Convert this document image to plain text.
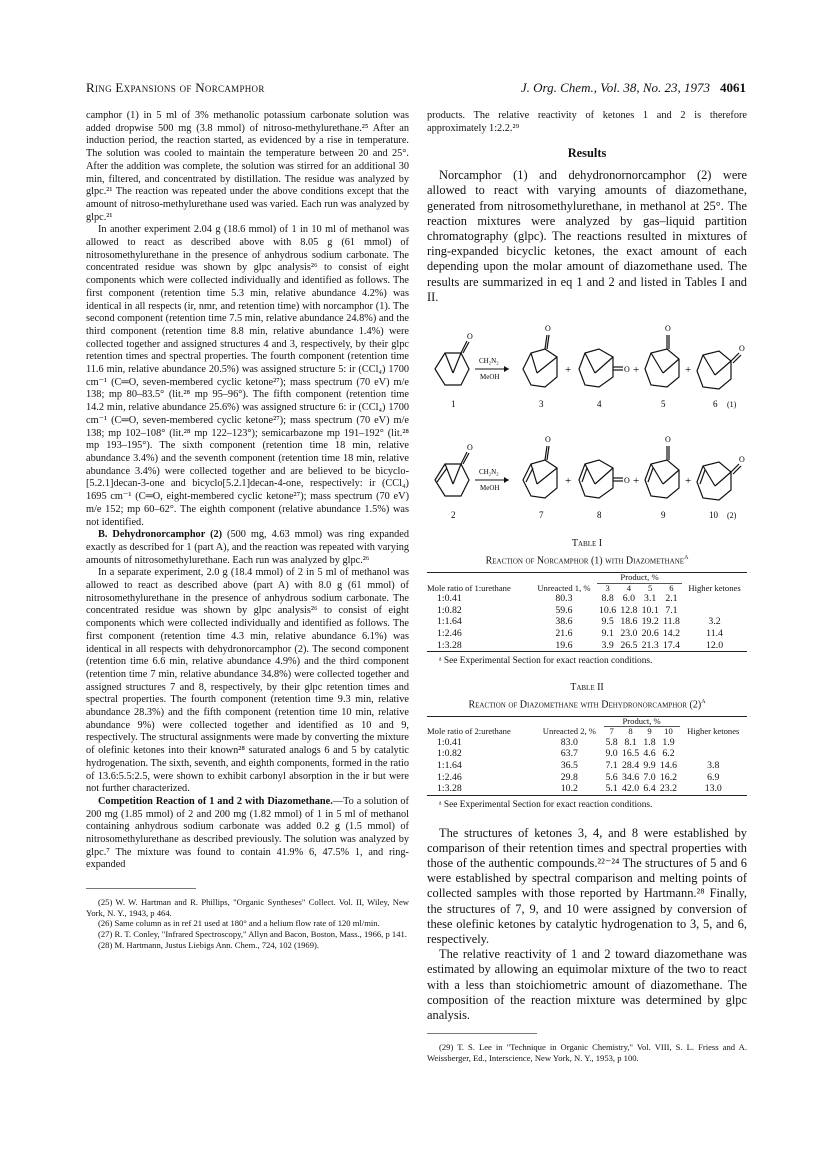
Ring Expansions of Norcamphor	J. Org. Chem., Vol. 38, No. 23, 1973 4061

camphor (1) in 5 ml of 3% methanolic potassium carbonate solution was added dropwise 500 mg (3.8 mmol) of nitroso-methylurethane.²⁵ After an induction period, the reaction started, as evidenced by a rise in temperature. The solution was cooled to maintain the temperature between 20 and 25°. After the addition was complete, the solution was stirred for an additional 30 min, filtered, and concentrated by distillation. The residue was analyzed by glpc.²¹ The reaction was repeated under the above conditions except that the amount of nitroso-methylurethane used was varied. Each run was analyzed by glpc.²¹

In another experiment 2.04 g (18.6 mmol) of 1 in 10 ml of methanol was allowed to react as described above with 8.05 g (61 mmol) of nitrosomethylurethane in the presence of anhydrous sodium carbonate. The concentrated residue was shown by glpc analysis²⁶ to consist of eight components which were collected individually and identified as follows. The first component (retention time 5.3 min, relative abundance 4.2%) was identical in all respects (ir, nmr, and retention time) with norcamphor (1). The second component (retention time 7.5 min, relative abundance 24.8%) and the third component (retention time 8.8 min, relative abundance 1.4%) were collected together and assigned structures 4 and 3, respectively, by their glpc retention times and spectral properties. The fourth component (retention time 11.6 min, relative abundance 20.5%) was assigned structure 5: ir (CCl₄) 1700 cm⁻¹ (C═O, seven-membered cyclic ketone²⁷); mass spectrum (70 eV) m/e 138; mp 80–83.5° (lit.²⁸ mp 95–96°). The fifth component (retention time 14.2 min, relative abundance 25.6%) was assigned structure 6: ir (CCl₄) 1700 cm⁻¹ (C═O, seven-membered cyclic ketone²⁷); mass spectrum (70 eV) m/e 138; mp 102–108° (lit.²⁸ mp 122–123°); semicarbazone mp 191–192° (lit.²⁸ mp 193–195°). The sixth component (retention time 18 min, relative abundance 3.4%) and the seventh component (retention time 18 min, relative abundance 3.4%) were collected together and are believed to be bicyclo-[5.2.1]decan-3-one and bicyclo[5.2.1]decan-4-one, respectively: ir (CCl₄) 1695 cm⁻¹ (C═O, eight-membered cyclic ketone²⁷); mass spectrum (70 eV) m/e 152; mp 60–62°. The eighth component (relative abundance 1.5%) was not identified.

B. Dehydronorcamphor (2) (500 mg, 4.63 mmol) was ring expanded exactly as described for 1 (part A), and the reaction was repeated with varying amounts of nitrosomethylurethane. Each run was analyzed by glpc.²⁶

In a separate experiment, 2.0 g (18.4 mmol) of 2 in 5 ml of methanol was allowed to react as described above (part A) with 8.0 g (61 mmol) of nitrosomethylurethane in the presence of anhydrous sodium carbonate. The concentrated residue was shown by glpc analysis²⁶ to consist of eight components which were collected individually and identified as follows. The first component (retention time 4.3 min, relative abundance 6.1%) was identical in all respects with dehydronorcamphor (2). The second component (retention time 6.6 min, relative abundance 4.9%) and the third component (retention time 7 min, relative abundance 34.8%) were collected together and assigned structures 7 and 8, respectively, by their glpc retention times and spectral properties. The fourth component (retention time 9.3 min, relative abundance 28.3%) and the fifth component (retention time 10 min, relative abundance 9%) were collected together and identified as 10 and 9, respectively. The structural assignments were made by converting the mixture of olefinic ketones into their known²⁸ saturated analogs 6 and 5 by catalytic hydrogenation. The sixth, seventh, and eighth components, formed in the ratio of 13.6:5.5:2.5, were shown to exhibit carbonyl absorption in the ir but were not further characterized.

Competition Reaction of 1 and 2 with Diazomethane.—To a solution of 200 mg (1.85 mmol) of 2 and 200 mg (1.82 mmol) of 1 in 5 ml of methanol containing anhydrous sodium carbonate was added 0.2 g (1.5 mmol) of nitrosomethylurethane as described previously. The solution was analyzed by glpc.⁷ The mixture was found to contain 41.9% 6, 47.5% 1, and ring-expanded

(25) W. W. Hartman and R. Phillips, "Organic Syntheses" Collect. Vol. II, Wiley, New York, N. Y., 1943, p 464.

(26) Same column as in ref 21 used at 180° and a helium flow rate of 120 ml/min.

(27) R. T. Conley, "Infrared Spectroscopy," Allyn and Bacon, Boston, Mass., 1966, p 141.

(28) M. Hartmann, Justus Liebigs Ann. Chem., 724, 102 (1969).

products. The relative reactivity of ketones 1 and 2 is therefore approximately 1:2.2.²⁹

Results

Norcamphor (1) and dehydronornorcamphor (2) were allowed to react with varying amounts of diazomethane, generated from nitrosomethylurethane, in methanol at 25°. The reaction mixtures were analyzed by gas–liquid partition chromatography (glpc). The reactions resulted in mixtures of ring-expanded bicyclic ketones, the exact amount of each depending upon the molar amount of diazomethane used. The results are summarized in eq 1 and 2 and listed in Tables I and II.

O
CH₂N₂
MeOH
O
+	O +
O
+
O
1	3	4	5	6 (1)

O
CH₂N₂
MeOH
O
+	O +
O
+
O
2	7	8	9	10 (2)
Table I
Reaction of Norcamphor (1) with Diazomethane$^a$
Mole ratio of 1:urethane	Unreacted 1, %	Product, %				Higher ketones
		3	4	5	6	
1:0.41	80.3	8.8	6.0	3.1	2.1	
1:0.82	59.6	10.6	12.8	10.1	7.1	
1:1.64	38.6	9.5	18.6	19.2	11.8	3.2
1:2.46	21.6	9.1	23.0	20.6	14.2	11.4
1:3.28	19.6	3.9	26.5	21.3	17.4	12.0
ᵃ See Experimental Section for exact reaction conditions.
Table II
Reaction of Diazomethane with Dehydronorcamphor $(2)^a$
Mole ratio of 2:urethane	Unreacted 2, %	Product, %				Higher ketones
		7	8	9	10	
1:0.41	83.0	5.8	8.1	1.8	1.9	
1:0.82	63.7	9.0	16.5	4.6	6.2	
1:1.64	36.5	7.1	28.4	9.9	14.6	3.8
1:2.46	29.8	5.6	34.6	7.0	16.2	6.9
1:3.28	10.2	5.1	42.0	6.4	23.2	13.0
ᵃ See Experimental Section for exact reaction conditions.

The structures of ketones 3, 4, and 8 were established by comparison of their retention times and spectral properties with those of the authentic compounds.²²⁻²⁴ The structures of 5 and 6 were established by spectral comparison and melting points of collected samples with those reported by Hartmann.²⁸ Finally, the structures of 7, 9, and 10 were assigned by conversion of these olefinic ketones by catalytic hydrogenation to 3, 5, and 6, respectively.

The relative reactivity of 1 and 2 toward diazomethane was estimated by allowing an equimolar mixture of the two to react with a less than stoichiometric amount of diazomethane. The composition of the reaction mixture was determined by glpc analysis.

(29) T. S. Lee in "Technique in Organic Chemistry," Vol. VIII, S. L. Friess and A. Weissberger, Ed., Interscience, New York, N. Y., 1953, p 100.
